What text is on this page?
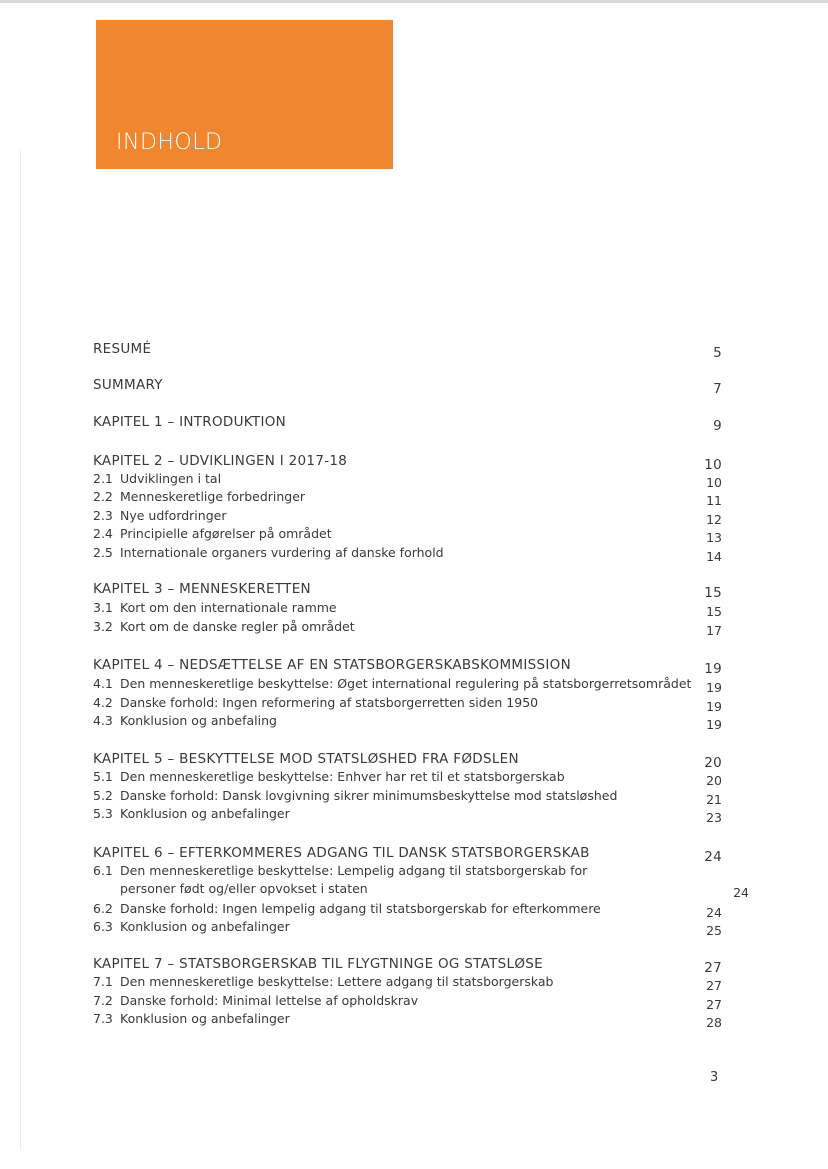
INDHOLD
RESUMÉ	5
SUMMARY	7
KAPITEL 1 – INTRODUKTION	9
KAPITEL 2 – UDVIKLINGEN I 2017-18	10
2.1 Udviklingen i tal	10
2.2 Menneskeretlige forbedringer	11
2.3 Nye udfordringer	12
2.4 Principielle afgørelser på området	13
2.5 Internationale organers vurdering af danske forhold	14
KAPITEL 3 – MENNESKERETTEN	15
3.1 Kort om den internationale ramme	15
3.2 Kort om de danske regler på området	17
KAPITEL 4 – NEDSÆTTELSE AF EN STATSBORGERSKABSKOMMISSION	19
4.1 Den menneskeretlige beskyttelse: Øget international regulering på statsborgerretsområdet 19
4.2 Danske forhold: Ingen reformering af statsborgerretten siden 1950	19
4.3 Konklusion og anbefaling	19
KAPITEL 5 – BESKYTTELSE MOD STATSLØSHED FRA FØDSLEN	20
5.1 Den menneskeretlige beskyttelse: Enhver har ret til et statsborgerskab	20
5.2 Danske forhold: Dansk lovgivning sikrer minimumsbeskyttelse mod statsløshed	21
5.3 Konklusion og anbefalinger	23
KAPITEL 6 – EFTERKOMMERES ADGANG TIL DANSK STATSBORGERSKAB	24
6.1 Den menneskeretlige beskyttelse: Lempelig adgang til statsborgerskab for
personer født og/eller opvokset i staten	24
6.2 Danske forhold: Ingen lempelig adgang til statsborgerskab for efterkommere	24
6.3 Konklusion og anbefalinger	25
KAPITEL 7 – STATSBORGERSKAB TIL FLYGTNINGE OG STATSLØSE	27
7.1 Den menneskeretlige beskyttelse: Lettere adgang til statsborgerskab	27
7.2 Danske forhold: Minimal lettelse af opholdskrav	27
7.3 Konklusion og anbefalinger	28
3
